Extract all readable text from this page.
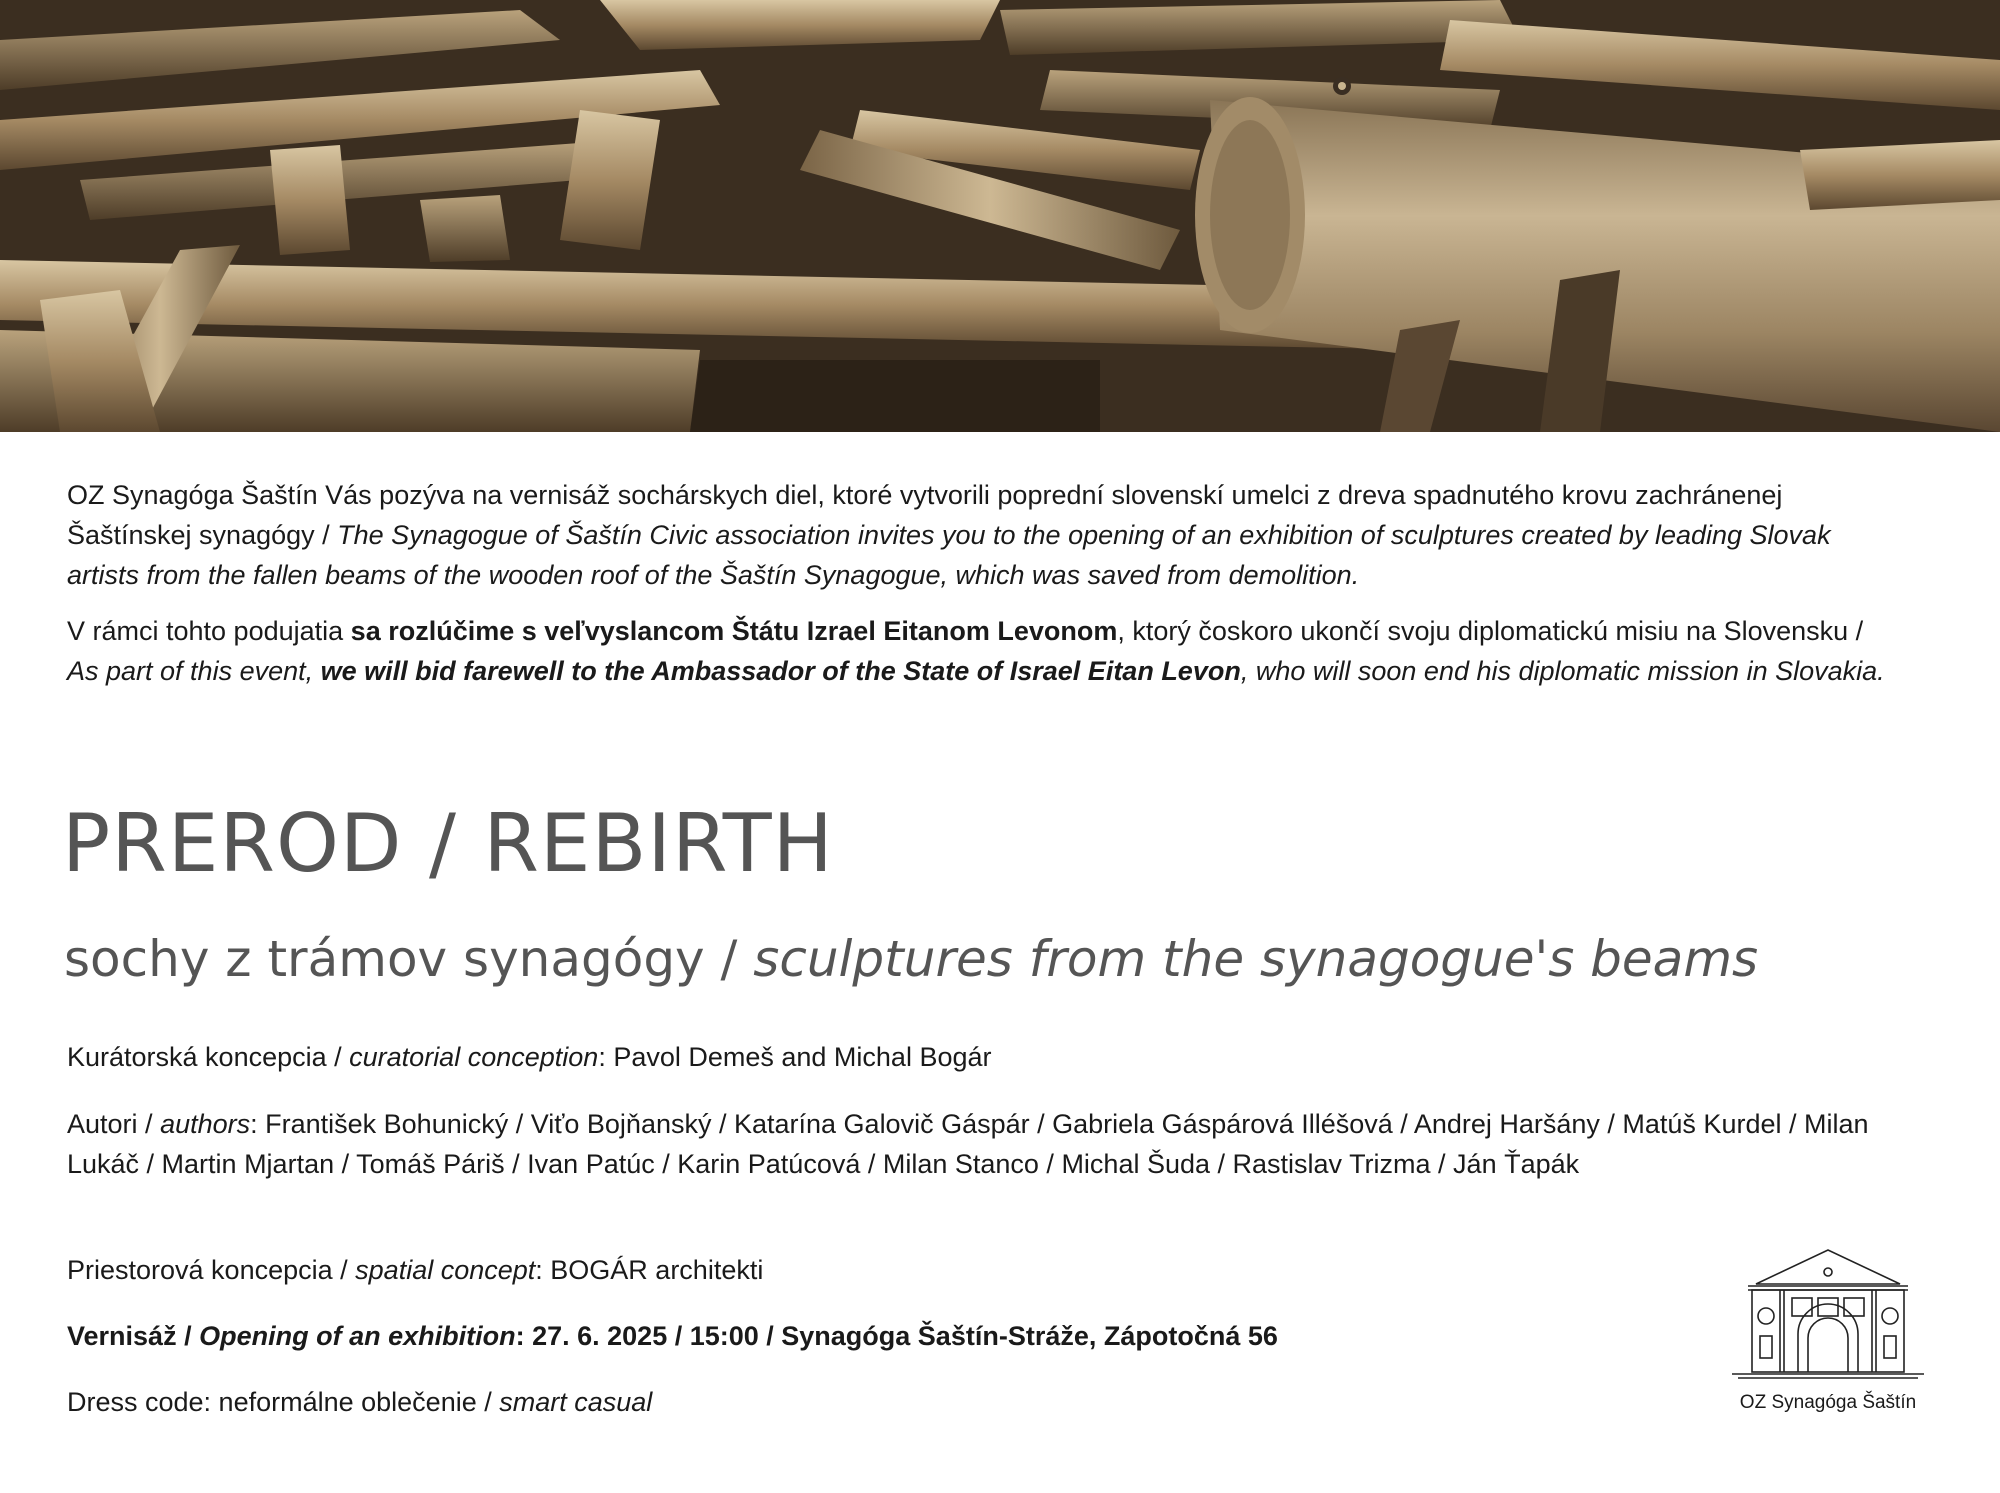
OZ Synagóga Šaštín Vás pozýva na vernisáž sochárskych diel, ktoré vytvorili poprední slovenskí umelci z dreva spadnutého krovu zachránenej Šaštínskej synagógy / The Synagogue of Šaštín Civic association invites you to the opening of an exhibition of sculptures created by leading Slovak artists from the fallen beams of the wooden roof of the Šaštín Synagogue, which was saved from demolition.

V rámci tohto podujatia sa rozlúčime s veľvyslancom Štátu Izrael Eitanom Levonom, ktorý čoskoro ukončí svoju diplomatickú misiu na Slovensku / As part of this event, we will bid farewell to the Ambassador of the State of Israel Eitan Levon, who will soon end his diplomatic mission in Slovakia.

PREROD / REBIRTH
sochy z trámov synagógy / sculptures from the synagogue's beams

Kurátorská koncepcia / curatorial conception: Pavol Demeš and Michal Bogár

Autori / authors: František Bohunický / Viťo Bojňanský / Katarína Galovič Gáspár / Gabriela Gáspárová Illéšová / Andrej Haršány / Matúš Kurdel / Milan Lukáč / Martin Mjartan / Tomáš Páriš / Ivan Patúc / Karin Patúcová / Milan Stanco / Michal Šuda / Rastislav Trizma / Ján Ťapák

Priestorová koncepcia / spatial concept: BOGÁR architekti

Vernisáž / Opening of an exhibition: 27. 6. 2025 / 15:00 / Synagóga Šaštín-Stráže, Zápotočná 56

Dress code: neformálne oblečenie / smart casual	OZ Synagóga Šaštín
